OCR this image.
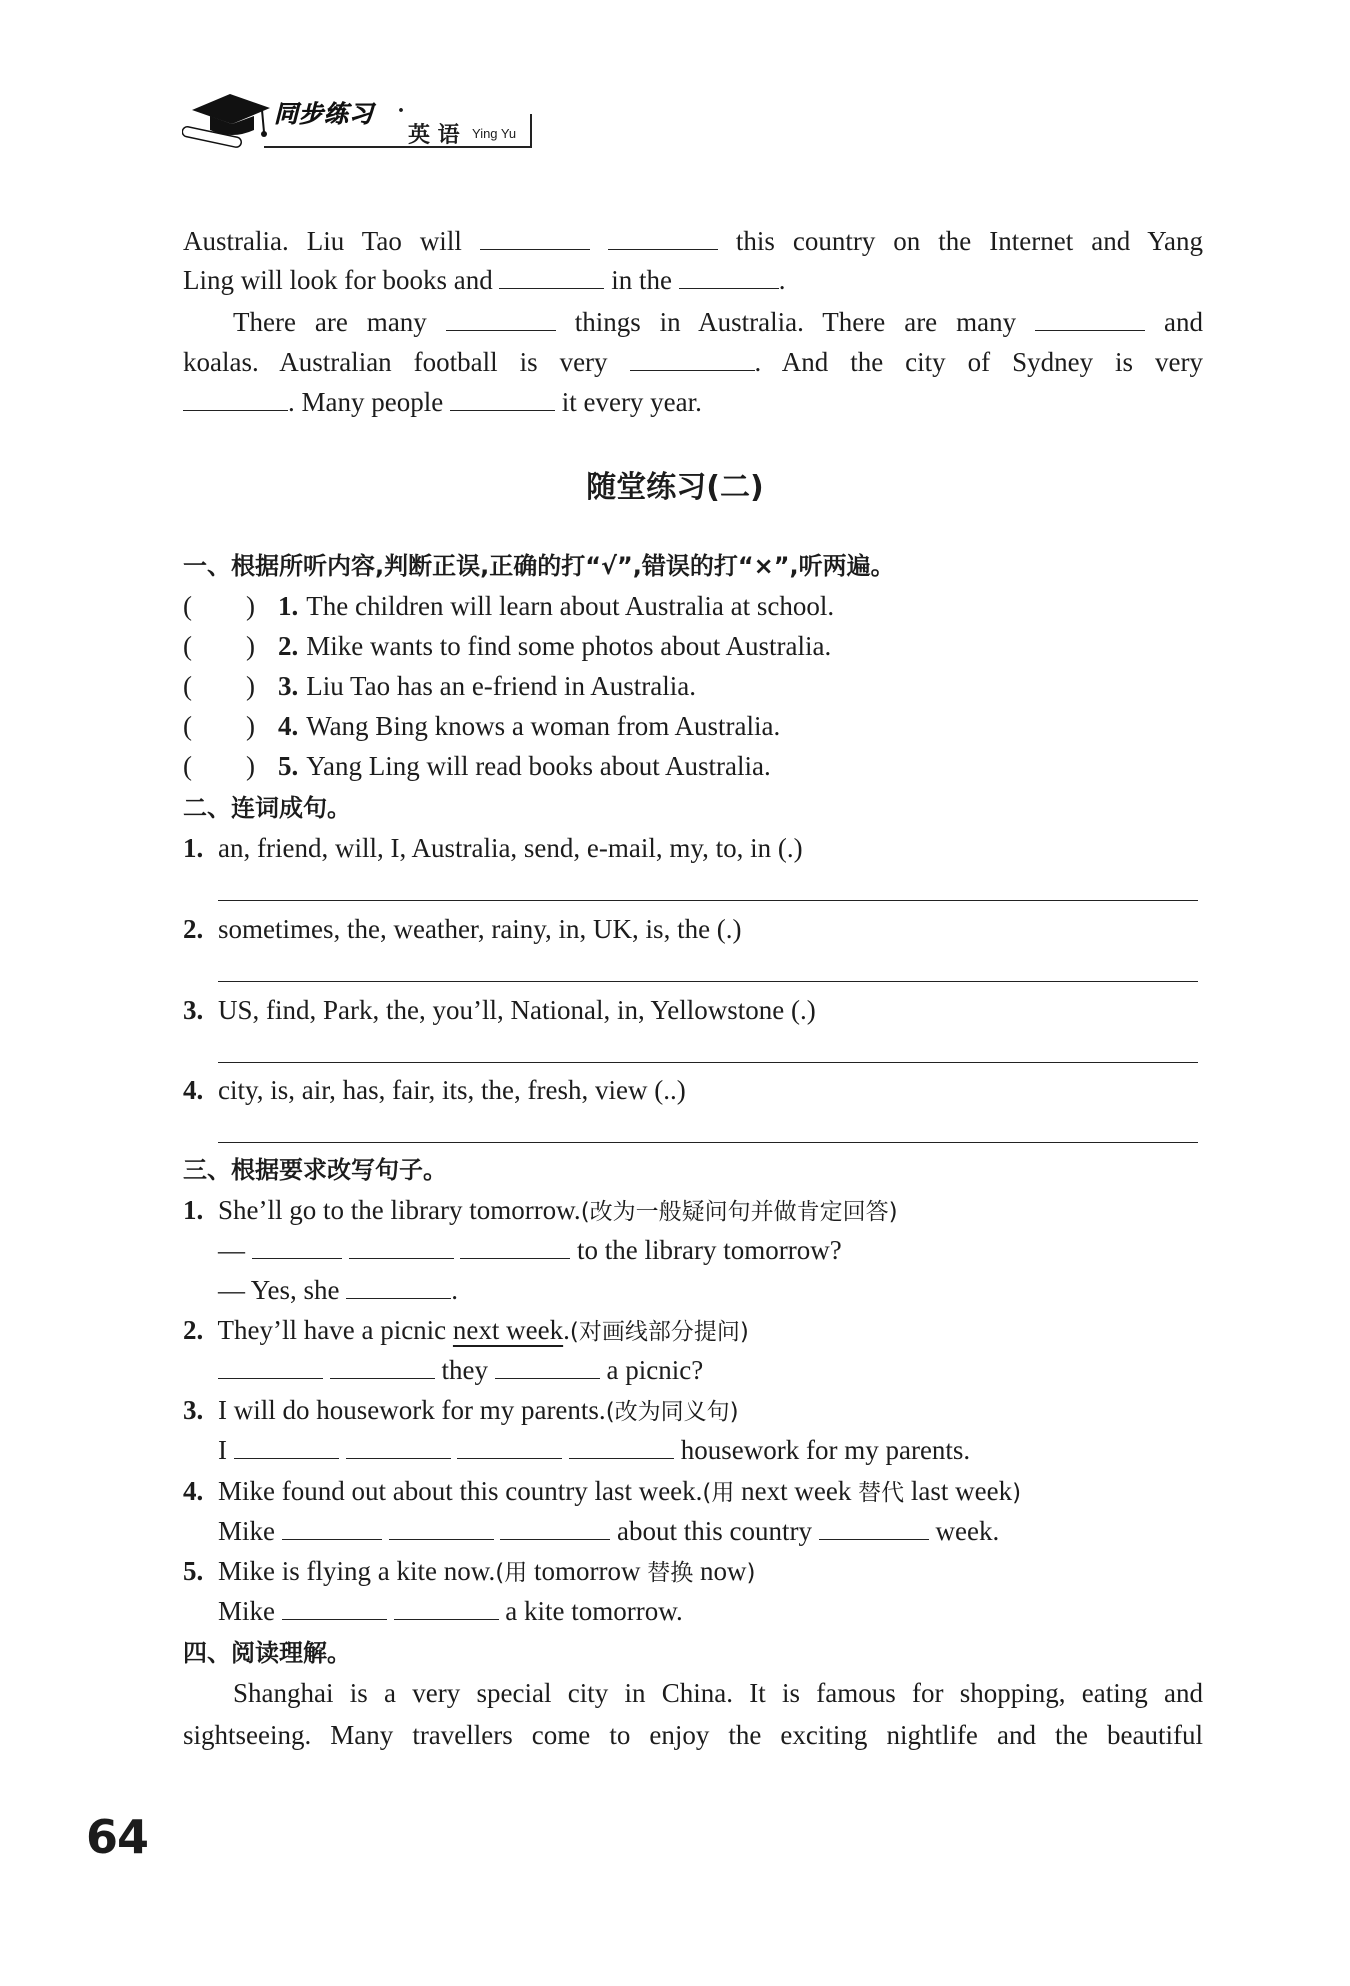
同步练习 ·
英 语 Ying Yu
Australia. Liu Tao will	this country on the Internet and Yang
Ling will look for books and	in the	.
There are many	things in Australia. There are many	and
koalas. Australian football is very	. And the city of Sydney is very
. Many people	it every year.
随堂练习(二)
一、根据所听内容,判断正误,正确的打“√”,错误的打“×”,听两遍。
(　　) 1. The children will learn about Australia at school.
(　　) 2. Mike wants to find some photos about Australia.
(　　) 3. Liu Tao has an e-friend in Australia.
(　　) 4. Wang Bing knows a woman from Australia.
(　　) 5. Yang Ling will read books about Australia.
二、连词成句。
1. an, friend, will, I, Australia, send, e-mail, my, to, in (.)
2. sometimes, the, weather, rainy, in, UK, is, the (.)
3. US, find, Park, the, you’ll, National, in, Yellowstone (.)
4. city, is, air, has, fair, its, the, fresh, view (..)
三、根据要求改写句子。
1. She’ll go to the library tomorrow.(改为一般疑问句并做肯定回答)
—	to the library tomorrow?
— Yes, she	.
2. They’ll have a picnic next week.(对画线部分提问)
they	a picnic?
3. I will do housework for my parents.(改为同义句)
I	housework for my parents.
4. Mike found out about this country last week.(用 next week 替代 last week)
Mike	about this country	week.
5. Mike is flying a kite now.(用 tomorrow 替换 now)
Mike	a kite tomorrow.
四、阅读理解。
Shanghai is a very special city in China. It is famous for shopping, eating and
sightseeing. Many travellers come to enjoy the exciting nightlife and the beautiful
64
